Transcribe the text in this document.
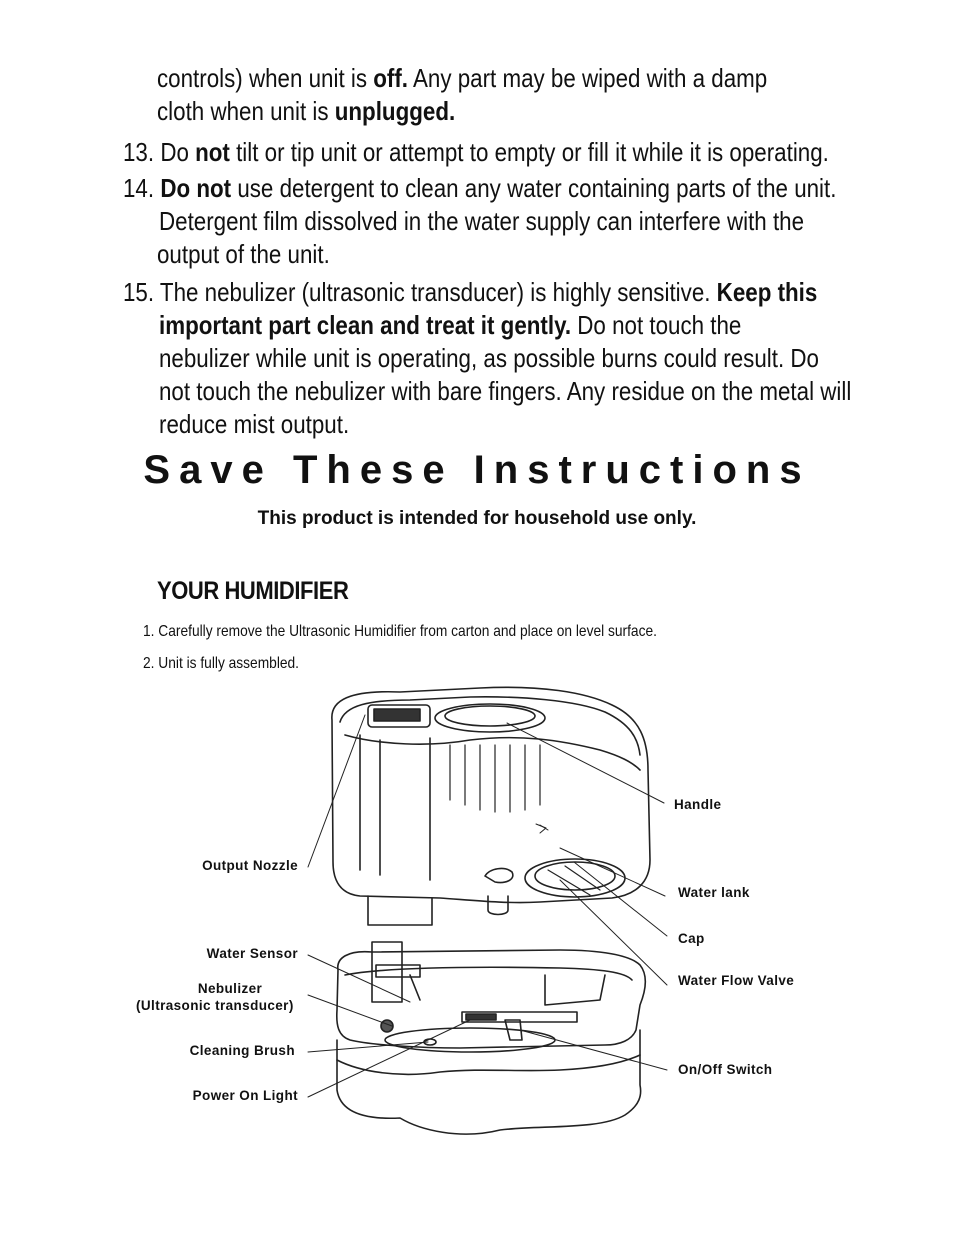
controls) when unit is off. Any part may be wiped with a damp
cloth when unit is unplugged.
13. Do not tilt or tip unit or attempt to empty or fill it while it is operating.
14. Do not use detergent to clean any water containing parts of the unit.
Detergent film dissolved in the water supply can interfere with the
output of the unit.
15. The nebulizer (ultrasonic transducer) is highly sensitive. Keep this
important part clean and treat it gently. Do not touch the
nebulizer while unit is operating, as possible burns could result. Do
not touch the nebulizer with bare fingers. Any residue on the metal will
reduce mist output.
Save These Instructions
This product is intended for household use only.
YOUR HUMIDIFIER
1. Carefully remove the Ultrasonic Humidifier from carton and place on level surface.
2. Unit is fully assembled.
Handle
Water lank
Cap
Water Flow Valve
On/Off Switch
Output Nozzle
Water Sensor
Nebulizer
(Ultrasonic transducer)
Cleaning Brush
Power On Light
